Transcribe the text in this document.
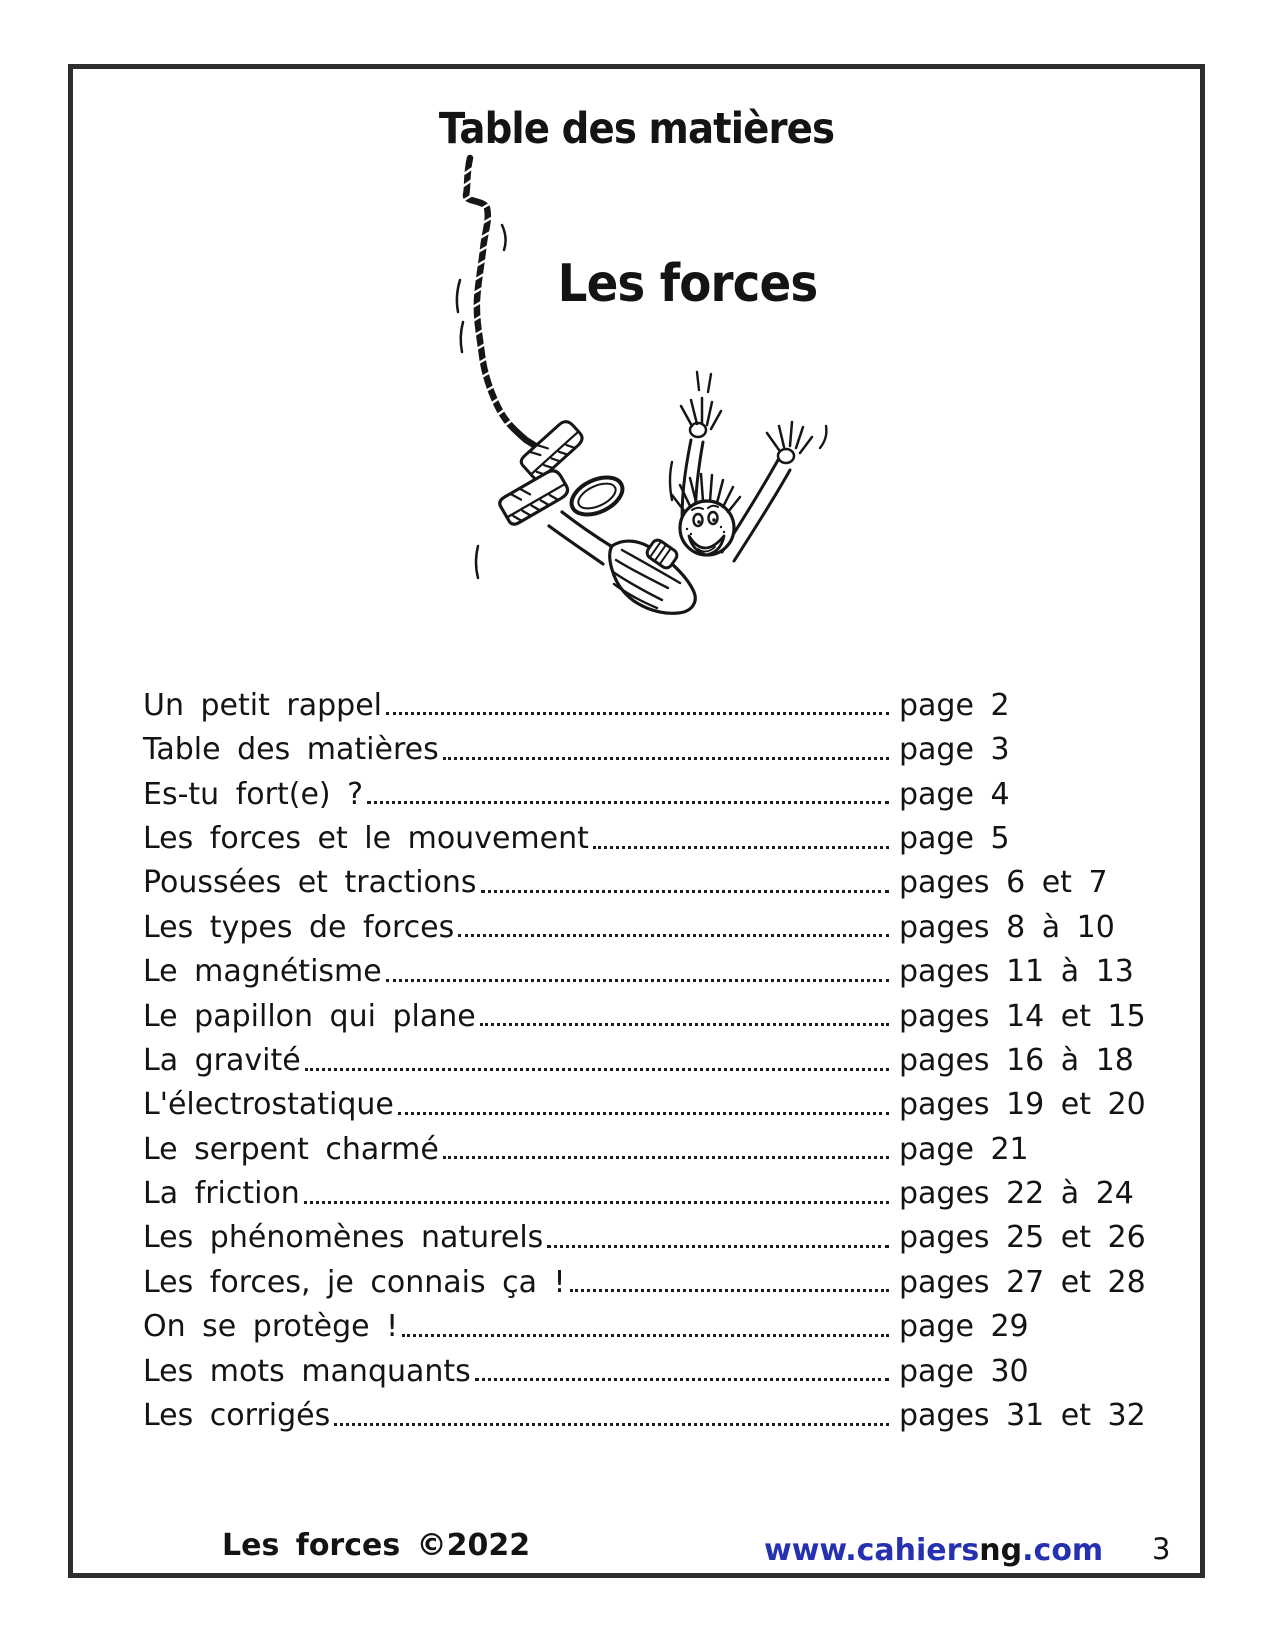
Table des matières
Les forces
Un petit rappel	page 2
Table des matières	page 3
Es-tu fort(e) ?	page 4
Les forces et le mouvement	page 5
Poussées et tractions	pages 6 et 7
Les types de forces	pages 8 à 10
Le magnétisme	pages 11 à 13
Le papillon qui plane	pages 14 et 15
La gravité	pages 16 à 18
L'électrostatique	pages 19 et 20
Le serpent charmé	page 21
La friction	pages 22 à 24
Les phénomènes naturels	pages 25 et 26
Les forces, je connais ça !	pages 27 et 28
On se protège !	page 29
Les mots manquants	page 30
Les corrigés	pages 31 et 32
Les forces ©2022	www.cahiersng.com 3
